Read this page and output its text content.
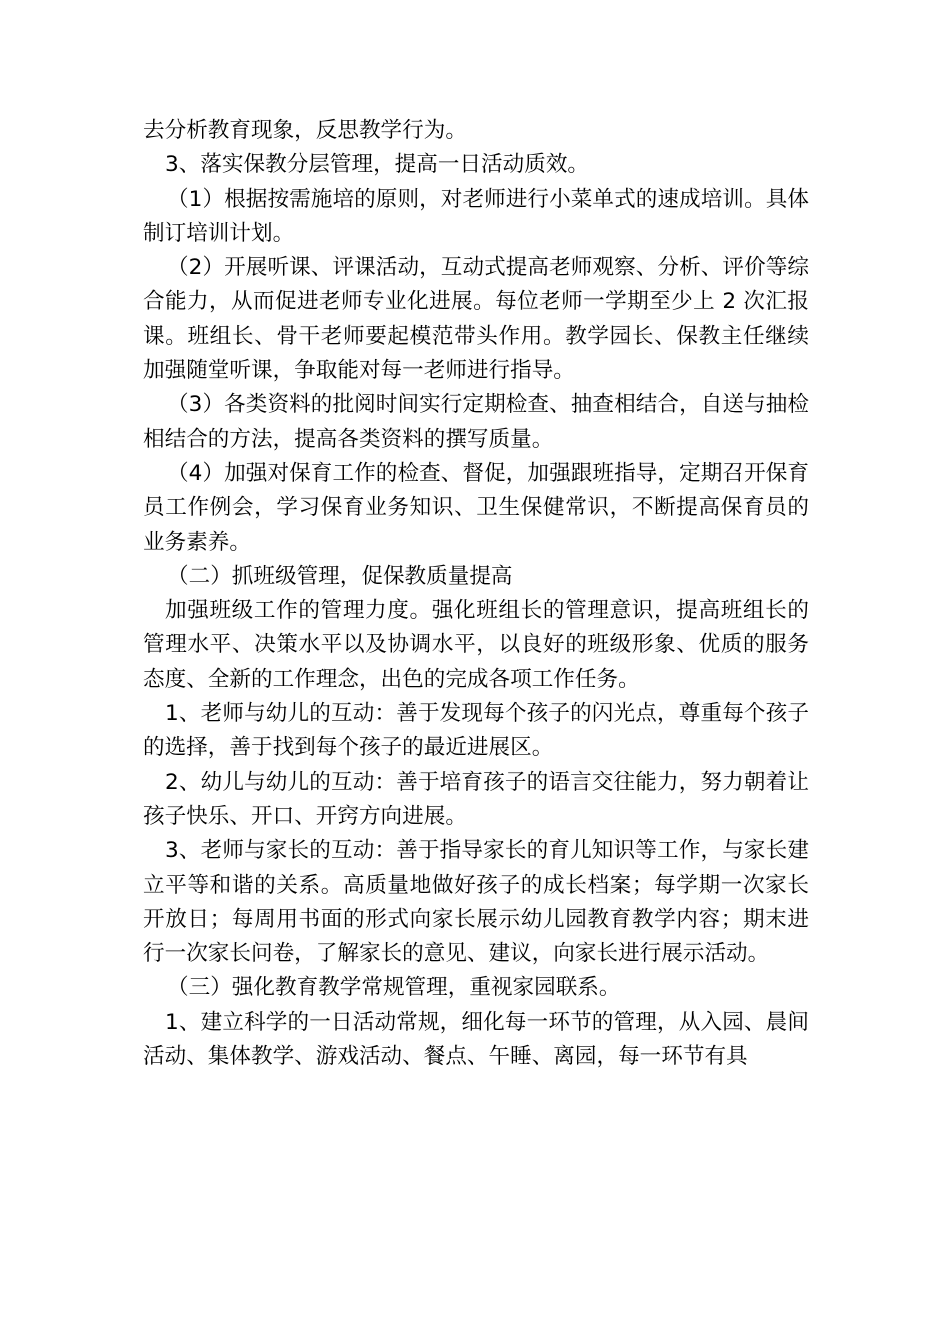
去分析教育现象，反思教学行为。

3、落实保教分层管理，提高一日活动质效。

（1）根据按需施培的原则，对老师进行小菜单式的速成培训。具体制订培训计划。

（2）开展听课、评课活动，互动式提高老师观察、分析、评价等综合能力，从而促进老师专业化进展。每位老师一学期至少上 2 次汇报课。班组长、骨干老师要起模范带头作用。教学园长、保教主任继续加强随堂听课，争取能对每一老师进行指导。

（3）各类资料的批阅时间实行定期检查、抽查相结合，自送与抽检相结合的方法，提高各类资料的撰写质量。

（4）加强对保育工作的检查、督促，加强跟班指导，定期召开保育员工作例会，学习保育业务知识、卫生保健常识，不断提高保育员的业务素养。

（二）抓班级管理，促保教质量提高

加强班级工作的管理力度。强化班组长的管理意识，提高班组长的管理水平、决策水平以及协调水平，以良好的班级形象、优质的服务态度、全新的工作理念，出色的完成各项工作任务。

1、老师与幼儿的互动：善于发现每个孩子的闪光点，尊重每个孩子的选择，善于找到每个孩子的最近进展区。

2、幼儿与幼儿的互动：善于培育孩子的语言交往能力，努力朝着让孩子快乐、开口、开窍方向进展。

3、老师与家长的互动：善于指导家长的育儿知识等工作，与家长建立平等和谐的关系。高质量地做好孩子的成长档案；每学期一次家长开放日；每周用书面的形式向家长展示幼儿园教育教学内容；期末进行一次家长问卷，了解家长的意见、建议，向家长进行展示活动。

（三）强化教育教学常规管理，重视家园联系。

1、建立科学的一日活动常规，细化每一环节的管理，从入园、晨间活动、集体教学、游戏活动、餐点、午睡、离园，每一环节有具
